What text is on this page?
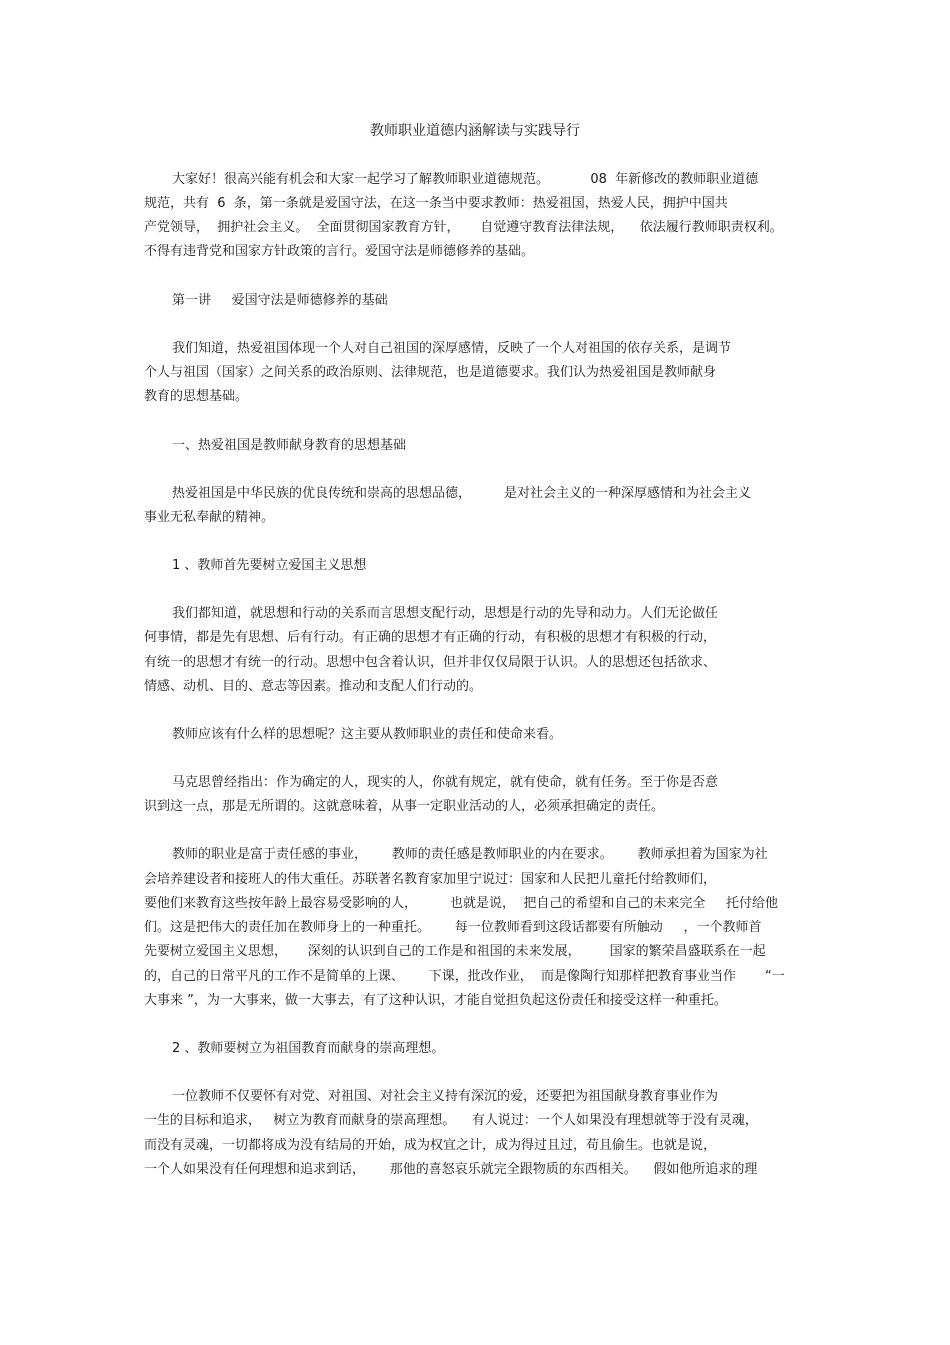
教师职业道德内涵解读与实践导行
大家好！很高兴能有机会和大家一起学习了解教师职业道德规范。          08  年新修改的教师职业道德
规范，共有  6  条，第一条就是爱国守法，在这一条当中要求教师：热爱祖国，热爱人民，拥护中国共
产党领导，  拥护社会主义。  全面贯彻国家教育方针，     自觉遵守教育法律法规，    依法履行教师职责权利。
不得有违背党和国家方针政策的言行。爱国守法是师德修养的基础。
第一讲     爱国守法是师德修养的基础
我们知道，热爱祖国体现一个人对自己祖国的深厚感情，反映了一个人对祖国的依存关系，是调节
个人与祖国（国家）之间关系的政治原则、法律规范，也是道德要求。我们认为热爱祖国是教师献身
教育的思想基础。
一、热爱祖国是教师献身教育的思想基础
热爱祖国是中华民族的优良传统和崇高的思想品德，        是对社会主义的一种深厚感情和为社会主义
事业无私奉献的精神。
1 、教师首先要树立爱国主义思想
我们都知道，就思想和行动的关系而言思想支配行动，思想是行动的先导和动力。人们无论做任
何事情，都是先有思想、后有行动。有正确的思想才有正确的行动，有积极的思想才有积极的行动，
有统一的思想才有统一的行动。思想中包含着认识，但并非仅仅局限于认识。人的思想还包括欲求、
情感、动机、目的、意志等因素。推动和支配人们行动的。
教师应该有什么样的思想呢？这主要从教师职业的责任和使命来看。
马克思曾经指出：作为确定的人，现实的人，你就有规定，就有使命，就有任务。至于你是否意
识到这一点，那是无所谓的。这就意味着，从事一定职业活动的人，必须承担确定的责任。
教师的职业是富于责任感的事业，      教师的责任感是教师职业的内在要求。      教师承担着为国家为社
会培养建设者和接班人的伟大重任。苏联著名教育家加里宁说过：国家和人民把儿童托付给教师们，
要他们来教育这些按年龄上最容易受影响的人，        也就是说，  把自己的希望和自己的未来完全     托付给他
们。这是把伟大的责任加在教师身上的一种重托。      每一位教师看到这段话都要有所触动     ，一个教师首
先要树立爱国主义思想，     深刻的认识到自己的工作是和祖国的未来发展，       国家的繁荣昌盛联系在一起
的，自己的日常平凡的工作不是简单的上课、      下课，批改作业，  而是像陶行知那样把教育事业当作       “一
大事来 ”，为一大事来，做一大事去，有了这种认识，才能自觉担负起这份责任和接受这样一种重托。
2 、教师要树立为祖国教育而献身的崇高理想。
一位教师不仅要怀有对党、对祖国、对社会主义持有深沉的爱，还要把为祖国献身教育事业作为
一生的目标和追求，   树立为教育而献身的崇高理想。    有人说过：一个人如果没有理想就等于没有灵魂，
而没有灵魂，一切都将成为没有结局的开始，成为权宜之计，成为得过且过，苟且偷生。也就是说，
一个人如果没有任何理想和追求到话，      那他的喜怒哀乐就完全跟物质的东西相关。    假如他所追求的理
